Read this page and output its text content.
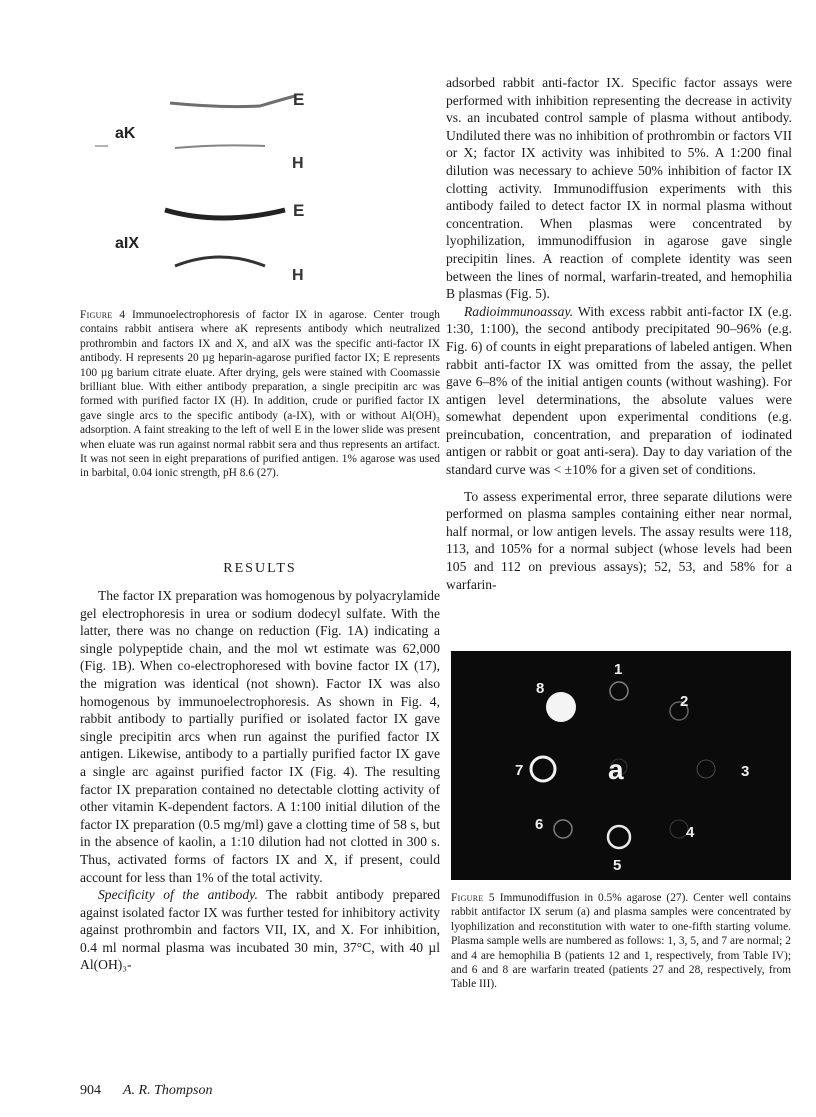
E
aK
H
E
aIX
H

Figure 4 Immunoelectrophoresis of factor IX in agarose. Center trough contains rabbit antisera where aK represents antibody which neutralized prothrombin and factors IX and X, and aIX was the specific anti-factor IX antibody. H represents 20 µg heparin-agarose purified factor IX; E represents 100 µg barium citrate eluate. After drying, gels were stained with Coomassie brilliant blue. With either antibody preparation, a single precipitin arc was formed with purified factor IX (H). In addition, crude or purified factor IX gave single arcs to the specific antibody (a-IX), with or without Al(OH)₃ adsorption. A faint streaking to the left of well E in the lower slide was present when eluate was run against normal rabbit sera and thus represents an artifact. It was not seen in eight preparations of purified antigen. 1% agarose was used in barbital, 0.04 ionic strength, pH 8.6 (27).

RESULTS

The factor IX preparation was homogenous by polyacrylamide gel electrophoresis in urea or sodium dodecyl sulfate. With the latter, there was no change on reduction (Fig. 1A) indicating a single polypeptide chain, and the mol wt estimate was 62,000 (Fig. 1B). When co-electrophoresed with bovine factor IX (17), the migration was identical (not shown). Factor IX was also homogenous by immunoelectrophoresis. As shown in Fig. 4, rabbit antibody to partially purified or isolated factor IX gave single precipitin arcs when run against the purified factor IX antigen. Likewise, antibody to a partially purified factor IX gave a single arc against purified factor IX (Fig. 4). The resulting factor IX preparation contained no detectable clotting activity of other vitamin K-dependent factors. A 1:100 initial dilution of the factor IX preparation (0.5 mg/ml) gave a clotting time of 58 s, but in the absence of kaolin, a 1:10 dilution had not clotted in 300 s. Thus, activated forms of factors IX and X, if present, could account for less than 1% of the total activity.

Specificity of the antibody. The rabbit antibody prepared against isolated factor IX was further tested for inhibitory activity against prothrombin and factors VII, IX, and X. For inhibition, 0.4 ml normal plasma was incubated 30 min, 37°C, with 40 µl Al(OH)₃-

adsorbed rabbit anti-factor IX. Specific factor assays were performed with inhibition representing the decrease in activity vs. an incubated control sample of plasma without antibody. Undiluted there was no inhibition of prothrombin or factors VII or X; factor IX activity was inhibited to 5%. A 1:200 final dilution was necessary to achieve 50% inhibition of factor IX clotting activity. Immunodiffusion experiments with this antibody failed to detect factor IX in normal plasma without concentration. When plasmas were concentrated by lyophilization, immunodiffusion in agarose gave single precipitin lines. A reaction of complete identity was seen between the lines of normal, warfarin-treated, and hemophilia B plasmas (Fig. 5).

Radioimmunoassay. With excess rabbit anti-factor IX (e.g. 1:30, 1:100), the second antibody precipitated 90–96% (e.g. Fig. 6) of counts in eight preparations of labeled antigen. When rabbit anti-factor IX was omitted from the assay, the pellet gave 6–8% of the initial antigen counts (without washing). For antigen level determinations, the absolute values were somewhat dependent upon experimental conditions (e.g. preincubation, concentration, and preparation of iodinated antigen or rabbit or goat anti-sera). Day to day variation of the standard curve was < ±10% for a given set of conditions.

To assess experimental error, three separate dilutions were performed on plasma samples containing either near normal, half normal, or low antigen levels. The assay results were 118, 113, and 105% for a normal subject (whose levels had been 105 and 112 on previous assays); 52, 53, and 58% for a warfarin-

1
2
3
4
5
6
7
8
a

Figure 5 Immunodiffusion in 0.5% agarose (27). Center well contains rabbit antifactor IX serum (a) and plasma samples were concentrated by lyophilization and reconstitution with water to one-fifth starting volume. Plasma sample wells are numbered as follows: 1, 3, 5, and 7 are normal; 2 and 4 are hemophilia B (patients 12 and 1, respectively, from Table IV); and 6 and 8 are warfarin treated (patients 27 and 28, respectively, from Table III).

904 A. R. Thompson
